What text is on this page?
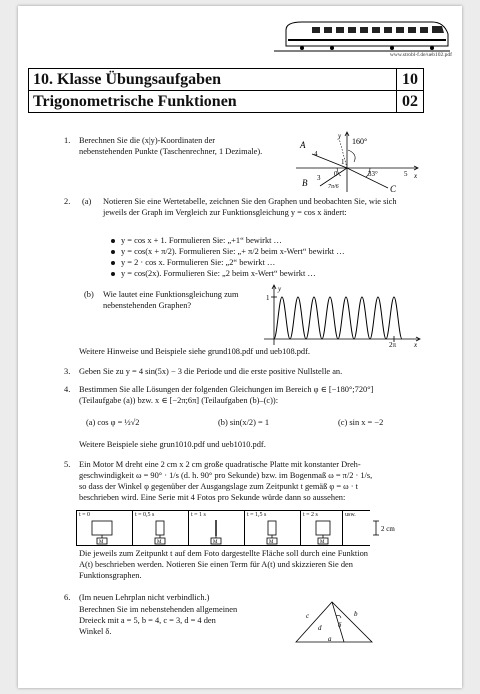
www.strobl-f.de/ueb102.pdf
10. Klasse Übungsaufgaben	10
Trigonometrische Funktionen	02
1. Berechnen Sie die (x|y)-Koordinaten der nebenstehenden Punkte (Taschenrechner, 1 Dezimale).
A
4
y
1
160°
x
5
33°
0
B 3
7π/6	C
2. (a) Notieren Sie eine Wertetabelle, zeichnen Sie den Graphen und beobachten Sie, wie sich jeweils der Graph im Vergleich zur Funktionsgleichung y = cos x ändert:
y = cos x + 1. Formulieren Sie: „+1“ bewirkt …
y = cos(x + π/2). Formulieren Sie: „+ π/2 beim x-Wert“ bewirkt …
y = 2 · cos x. Formulieren Sie: „2“ bewirkt …
y = cos(2x). Formulieren Sie: „2 beim x-Wert“ bewirkt …
(b) Wie lautet eine Funktionsgleichung zum nebenstehenden Graphen?
y
1
2π	x
Weitere Hinweise und Beispiele siehe grund108.pdf und ueb108.pdf.
3. Geben Sie zu y = 4 sin(5x) − 3 die Periode und die erste positive Nullstelle an.
4. Bestimmen Sie alle Lösungen der folgenden Gleichungen im Bereich φ ∈ [−180°;720°]
(Teilaufgabe (a)) bzw. x ∈ [−2π;6π] (Teilaufgaben (b)–(c)):
(a) cos φ = ½√2	(b) sin(x/2) = 1	(c) sin x = −2
Weitere Beispiele siehe grun1010.pdf und ueb1010.pdf.
5. Ein Motor M dreht eine 2 cm x 2 cm große quadratische Platte mit konstanter Dreh-
geschwindigkeit ω = 90° · 1/s (d. h. 90° pro Sekunde) bzw. im Bogenmaß ω = π/2 · 1/s,
so dass der Winkel φ gegenüber der Ausgangslage zum Zeitpunkt t gemäß φ = ω · t
beschrieben wird. Eine Serie mit 4 Fotos pro Sekunde würde dann so aussehen:
t = 0	t = 0,5 s	t = 1 s	t = 1,5 s	t = 2 s	usw.
M	M	M	M	M
2 cm
Die jeweils zum Zeitpunkt t auf dem Foto dargestellte Fläche soll durch eine Funktion
A(t) beschrieben werden. Notieren Sie einen Term für A(t) und skizzieren Sie den
Funktionsgraphen.
6. (Im neuen Lehrplan nicht verbindlich.)
Berechnen Sie im nebenstehenden allgemeinen
Dreieck mit a = 5, b = 4, c = 3, d = 4 den
Winkel δ.
c	b
d δ
a
